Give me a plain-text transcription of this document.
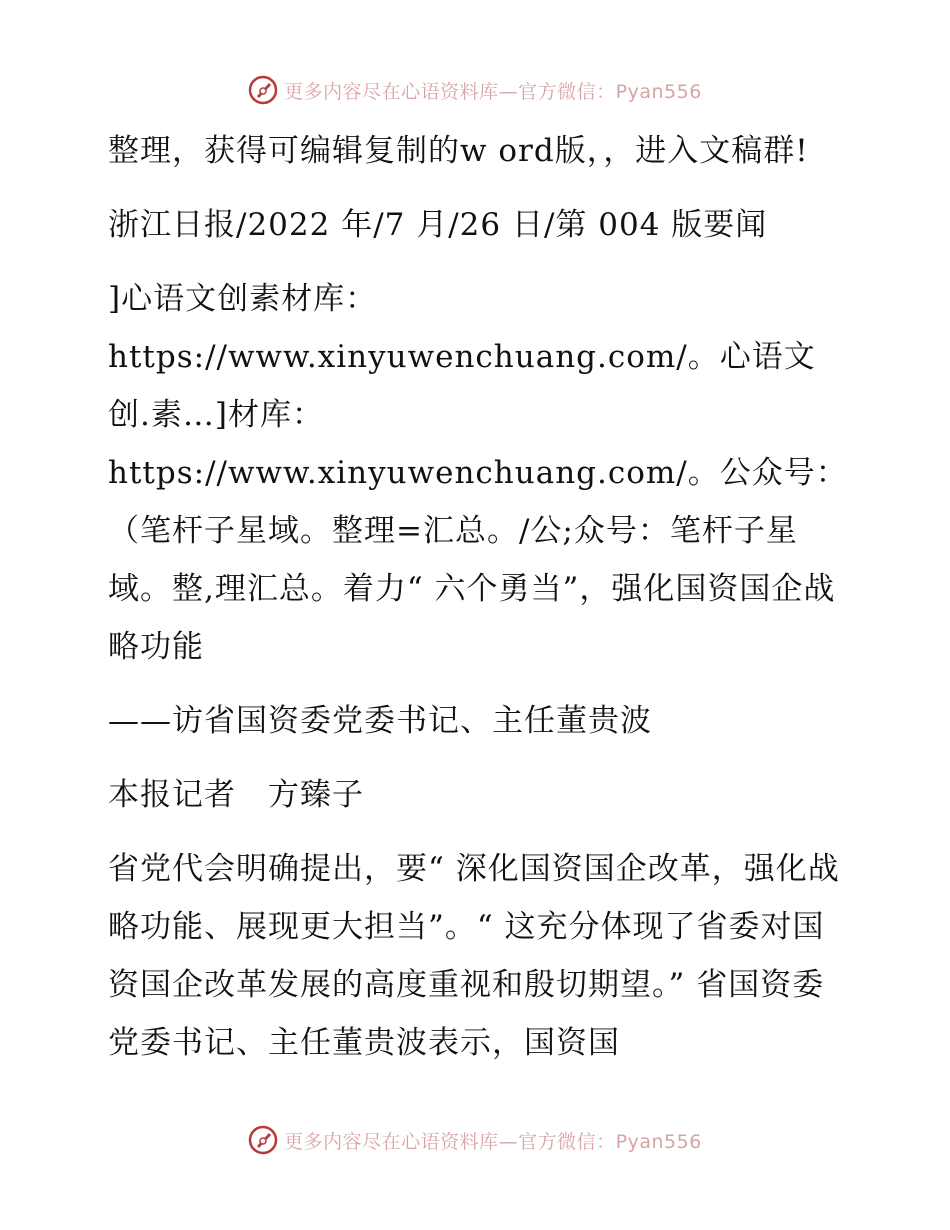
更多内容尽在心语资料库—官方微信：Pyan556

整理，获得可编辑复制的w ord版，，进入文稿群!

浙江日报/2022 年/7 月/26 日/第 004 版要闻

]心语文创素材库：https://www.xinyuwenchuang.com/。心语文创.素…]材库：https://www.xinyuwenchuang.com/。公众号：（笔杆子星域。整理=汇总。/公;众号：笔杆子星域。整,理汇总。着力“ 六个勇当”，强化国资国企战略功能

——访省国资委党委书记、主任董贵波

本报记者　方臻子

省党代会明确提出，要“ 深化国资国企改革，强化战略功能、展现更大担当”。“ 这充分体现了省委对国资国企改革发展的高度重视和殷切期望。” 省国资委党委书记、主任董贵波表示，国资国

更多内容尽在心语资料库—官方微信：Pyan556
